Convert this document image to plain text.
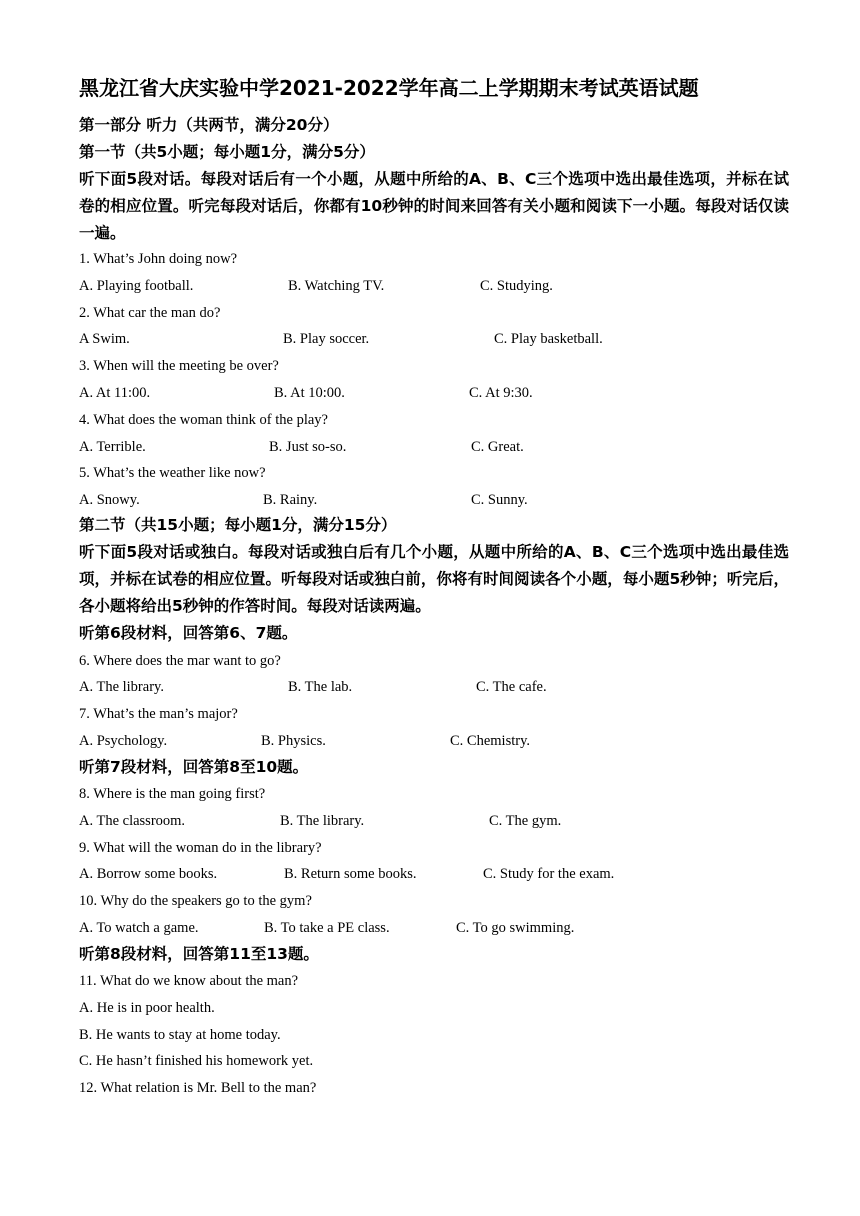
黑龙江省大庆实验中学2021-2022学年高二上学期期末考试英语试题
第一部分 听力（共两节，满分20分）
第一节（共5小题；每小题1分，满分5分）
听下面5段对话。每段对话后有一个小题，从题中所给的A、B、C三个选项中选出最佳选项，并标在试卷的相应位置。听完每段对话后，你都有10秒钟的时间来回答有关小题和阅读下一小题。每段对话仅读一遍。
1. What’s John doing now?
A. Playing football.	B. Watching TV.	C. Studying.
2. What car the man do?
A Swim.	B. Play soccer.	C. Play basketball.
3. When will the meeting be over?
A. At 11:00.	B. At 10:00.	C. At 9:30.
4. What does the woman think of the play?
A. Terrible.	B. Just so-so.	C. Great.
5. What’s the weather like now?
A. Snowy.	B. Rainy.	C. Sunny.
第二节（共15小题；每小题1分，满分15分）
听下面5段对话或独白。每段对话或独白后有几个小题，从题中所给的A、B、C三个选项中选出最佳选项，并标在试卷的相应位置。听每段对话或独白前，你将有时间阅读各个小题，每小题5秒钟；听完后，各小题将给出5秒钟的作答时间。每段对话读两遍。
听第6段材料，回答第6、7题。
6. Where does the mar want to go?
A. The library.	B. The lab.	C. The cafe.
7. What’s the man’s major?
A. Psychology.	B. Physics.	C. Chemistry.
听第7段材料，回答第8至10题。
8. Where is the man going first?
A. The classroom.	B. The library.	C. The gym.
9. What will the woman do in the library?
A. Borrow some books.	B. Return some books.	C. Study for the exam.
10. Why do the speakers go to the gym?
A. To watch a game.	B. To take a PE class.	C. To go swimming.
听第8段材料，回答第11至13题。
11. What do we know about the man?
A. He is in poor health.
B. He wants to stay at home today.
C. He hasn’t finished his homework yet.
12. What relation is Mr. Bell to the man?
